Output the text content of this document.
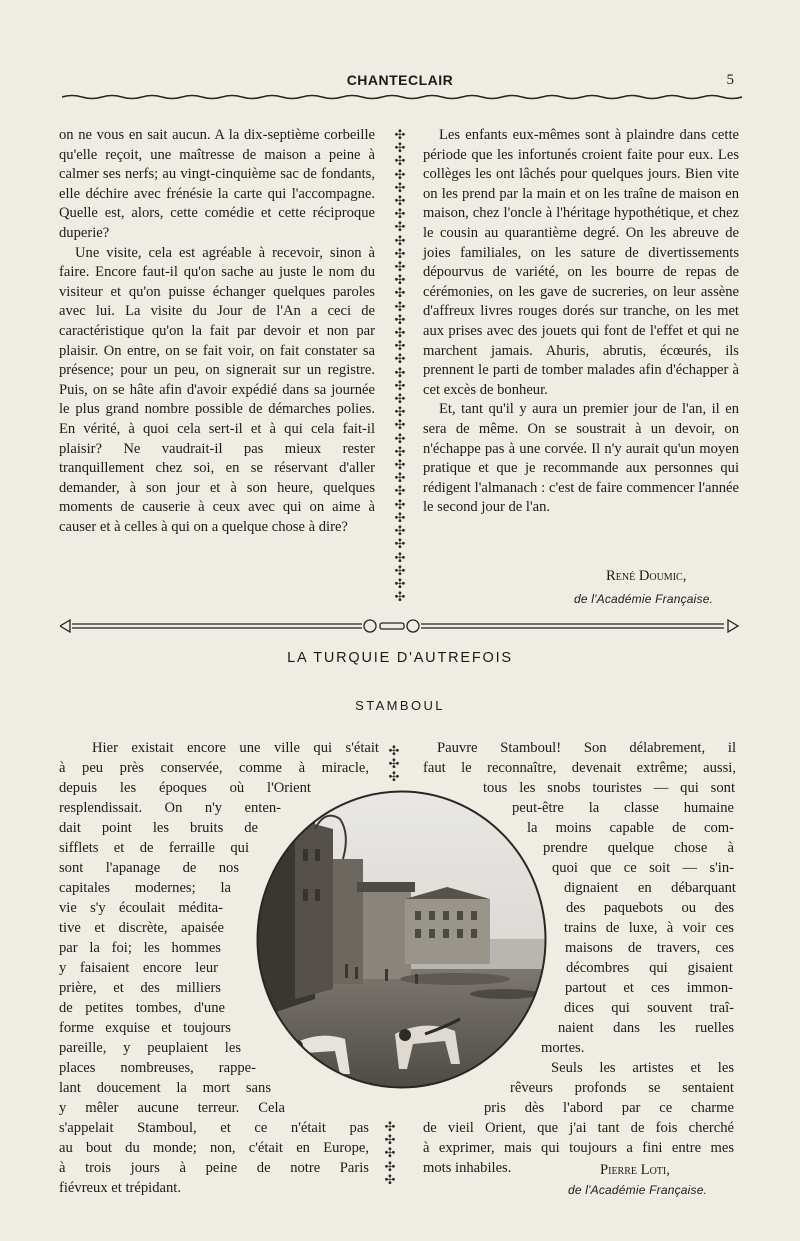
CHANTECLAIR	5

on ne vous en sait aucun. A la dix-septième corbeille qu'elle reçoit, une maîtresse de maison a peine à calmer ses nerfs; au vingt-cinquième sac de fondants, elle déchire avec frénésie la carte qui l'accompagne. Quelle est, alors, cette comédie et cette réciproque duperie?

Une visite, cela est agréable à recevoir, sinon à faire. Encore faut-il qu'on sache au juste le nom du visiteur et qu'on puisse échanger quelques paroles avec lui. La visite du Jour de l'An a ceci de caractéristique qu'on la fait par devoir et non par plaisir. On entre, on se fait voir, on fait constater sa présence; pour un peu, on signerait sur un registre. Puis, on se hâte afin d'avoir expédié dans sa journée le plus grand nombre possible de démarches polies. En vérité, à quoi cela sert-il et à qui cela fait-il plaisir? Ne vaudrait-il pas mieux rester tranquillement chez soi, en se réservant d'aller demander, à son jour et à son heure, quelques moments de causerie à ceux avec qui on aime à causer et à celles à qui on a quelque chose à dire?

✣
✣
✣
✣
✣
✣
✣
✣
✣
✣
✣
✣
✣
✣
✣
✣
✣
✣
✣
✣
✣
✣
✣
✣
✣
✣
✣
✣
✣
✣
✣
✣
✣
✣
✣
✣

Les enfants eux-mêmes sont à plaindre dans cette période que les infortunés croient faite pour eux. Les collèges les ont lâchés pour quelques jours. Bien vite on les prend par la main et on les traîne de maison en maison, chez l'oncle à l'héritage hypothétique, et chez le cousin au quarantième degré. On les abreuve de joies familiales, on les sature de divertissements dépourvus de variété, on les bourre de repas de cérémonies, on les gave de sucreries, on leur assène d'affreux livres rouges dorés sur tranche, on les met aux prises avec des jouets qui font de l'effet et qui ne marchent jamais. Ahuris, abrutis, écœurés, ils prennent le parti de tomber malades afin d'échapper à cet excès de bonheur.

Et, tant qu'il y aura un premier jour de l'an, il en sera de même. On se soustrait à un devoir, on n'échappe pas à une corvée. Il n'y aurait qu'un moyen pratique et que je recommande aux personnes qui rédigent l'almanach : c'est de faire commencer l'année le second jour de l'an.

René Doumic,
de l'Académie Française.
LA TURQUIE D'AUTREFOIS
STAMBOUL
Hier existait encore une ville qui s'était
à peu près conservée, comme à miracle,
depuis les époques où l'Orient
resplendissait. On n'y enten-
dait point les bruits de
sifflets et de ferraille qui
sont l'apanage de nos
capitales modernes; la
vie s'y écoulait médita-
tive et discrète, apaisée
par la foi; les hommes
y faisaient encore leur
prière, et des milliers
de petites tombes, d'une
forme exquise et toujours
pareille, y peuplaient les
places nombreuses, rappe-
lant doucement la mort sans
y mêler aucune terreur. Cela
s'appelait Stamboul, et ce n'était pas
au bout du monde; non, c'était en Europe,
à trois jours à peine de notre Paris
fiévreux et trépidant.
Pauvre Stamboul! Son délabrement, il
faut le reconnaître, devenait extrême; aussi,
tous les snobs touristes — qui sont
peut-être la classe humaine
la moins capable de com-
prendre quelque chose à
quoi que ce soit — s'in-
dignaient en débarquant
des paquebots ou des
trains de luxe, à voir ces
maisons de travers, ces
décombres qui gisaient
partout et ces immon-
dices qui souvent traî-
naient dans les ruelles
mortes.
Seuls les artistes et les
rêveurs profonds se sentaient
pris dès l'abord par ce charme
de vieil Orient, que j'ai tant de fois cherché
à exprimer, mais qui toujours a fini entre mes
mots inhabiles.
✣
✣
✣

✣
✣
✣
✣
✣

Pierre Loti,
de l'Académie Française.
